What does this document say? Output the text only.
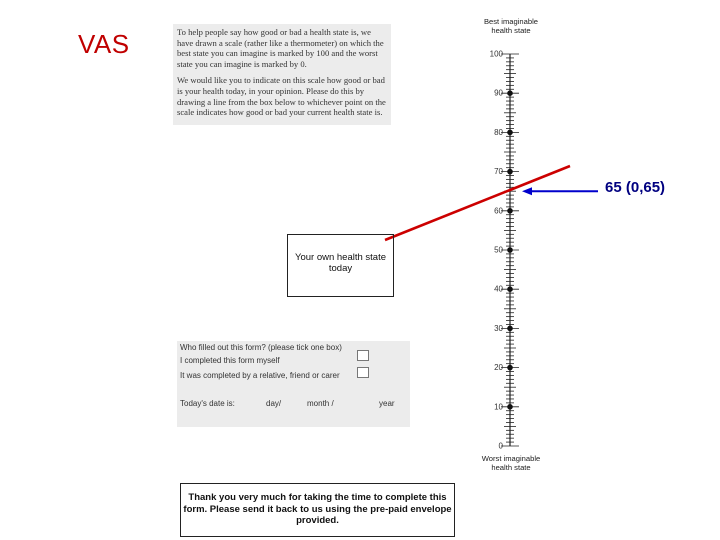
VAS	To help people say how good or bad a health state is, we have drawn a scale (rather like a thermometer) on which the best state you can imagine is marked by 100 and the worst state you can imagine is marked by 0.

We would like you to indicate on this scale how good or bad is your health today, in your opinion. Please do this by drawing a line from the box below to whichever point on the scale indicates how good or bad your current health state is.

Best imaginable health state
Worst imaginable health state
0
10
20
30
40
50
60
70
80
90
100
Your own health state today
Who filled out this form? (please tick one box)
I completed this form myself
It was completed by a relative, friend or carer
Today's date is:	day/	month /	year
Thank you very much for taking the time to complete this form. Please send it back to us using the pre-paid envelope provided.
65 (0,65)
